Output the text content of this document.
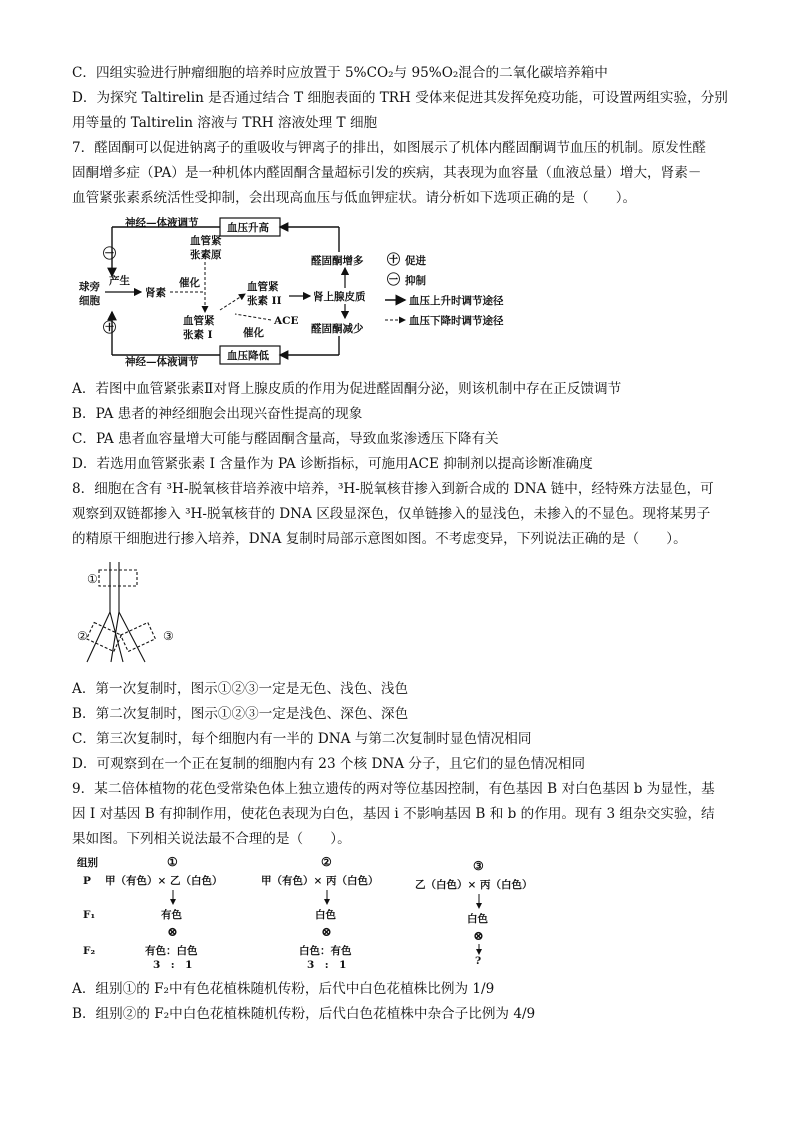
C．四组实验进行肿瘤细胞的培养时应放置于 5%CO₂与 95%O₂混合的二氧化碳培养箱中
D．为探究 Taltirelin 是否通过结合 T 细胞表面的 TRH 受体来促进其发挥免疫功能，可设置两组实验，分别
用等量的 Taltirelin 溶液与 TRH 溶液处理 T 细胞
7．醛固酮可以促进钠离子的重吸收与钾离子的排出，如图展示了机体内醛固酮调节血压的机制。原发性醛
固酮增多症（PA）是一种机体内醛固酮含量超标引发的疾病，其表现为血容量（血液总量）增大，肾素－
血管紧张素系统活性受抑制，会出现高血压与低血钾症状。请分析如下选项正确的是（　　）。
神经—体液调节	血压升高
㊀
球旁
细胞
产生
肾素
催化
血管紧
张素原
血管紧
张素 I
血管紧
张素 II
ACE
催化
肾上腺皮质
醛固酮增多
醛固酮减少
血压降低
㊉
神经—体液调节
㊉ 促进
㊀ 抑制
血压上升时调节途径
血压下降时调节途径
A．若图中血管紧张素Ⅱ对肾上腺皮质的作用为促进醛固酮分泌，则该机制中存在正反馈调节
B．PA 患者的神经细胞会出现兴奋性提高的现象
C．PA 患者血容量增大可能与醛固酮含量高，导致血浆渗透压下降有关
D．若选用血管紧张素 I 含量作为 PA 诊断指标，可施用ACE 抑制剂以提高诊断准确度
8．细胞在含有 ³H-脱氧核苷培养液中培养，³H-脱氧核苷掺入到新合成的 DNA 链中，经特殊方法显色，可
观察到双链都掺入 ³H-脱氧核苷的 DNA 区段显深色，仅单链掺入的显浅色，未掺入的不显色。现将某男子
的精原干细胞进行掺入培养，DNA 复制时局部示意图如图。不考虑变异，下列说法正确的是（　　）。
①
②	③
A．第一次复制时，图示①②③一定是无色、浅色、浅色
B．第二次复制时，图示①②③一定是浅色、深色、深色
C．第三次复制时，每个细胞内有一半的 DNA 与第二次复制时显色情况相同
D．可观察到在一个正在复制的细胞内有 23 个核 DNA 分子，且它们的显色情况相同
9．某二倍体植物的花色受常染色体上独立遗传的两对等位基因控制，有色基因 B 对白色基因 b 为显性，基
因 I 对基因 B 有抑制作用，使花色表现为白色，基因 i 不影响基因 B 和 b 的作用。现有 3 组杂交实验，结
果如图。下列相关说法最不合理的是（　　）。
组别
P
F₁
F₂
①
甲（有色）× 乙（白色）
有色
⊗
有色：白色
3　:　1
②
甲（有色）× 丙（白色）
白色
⊗
白色：有色
3　:　1
③
乙（白色）× 丙（白色）
白色
⊗
?
A．组别①的 F₂中有色花植株随机传粉，后代中白色花植株比例为 1/9
B．组别②的 F₂中白色花植株随机传粉，后代白色花植株中杂合子比例为 4/9
